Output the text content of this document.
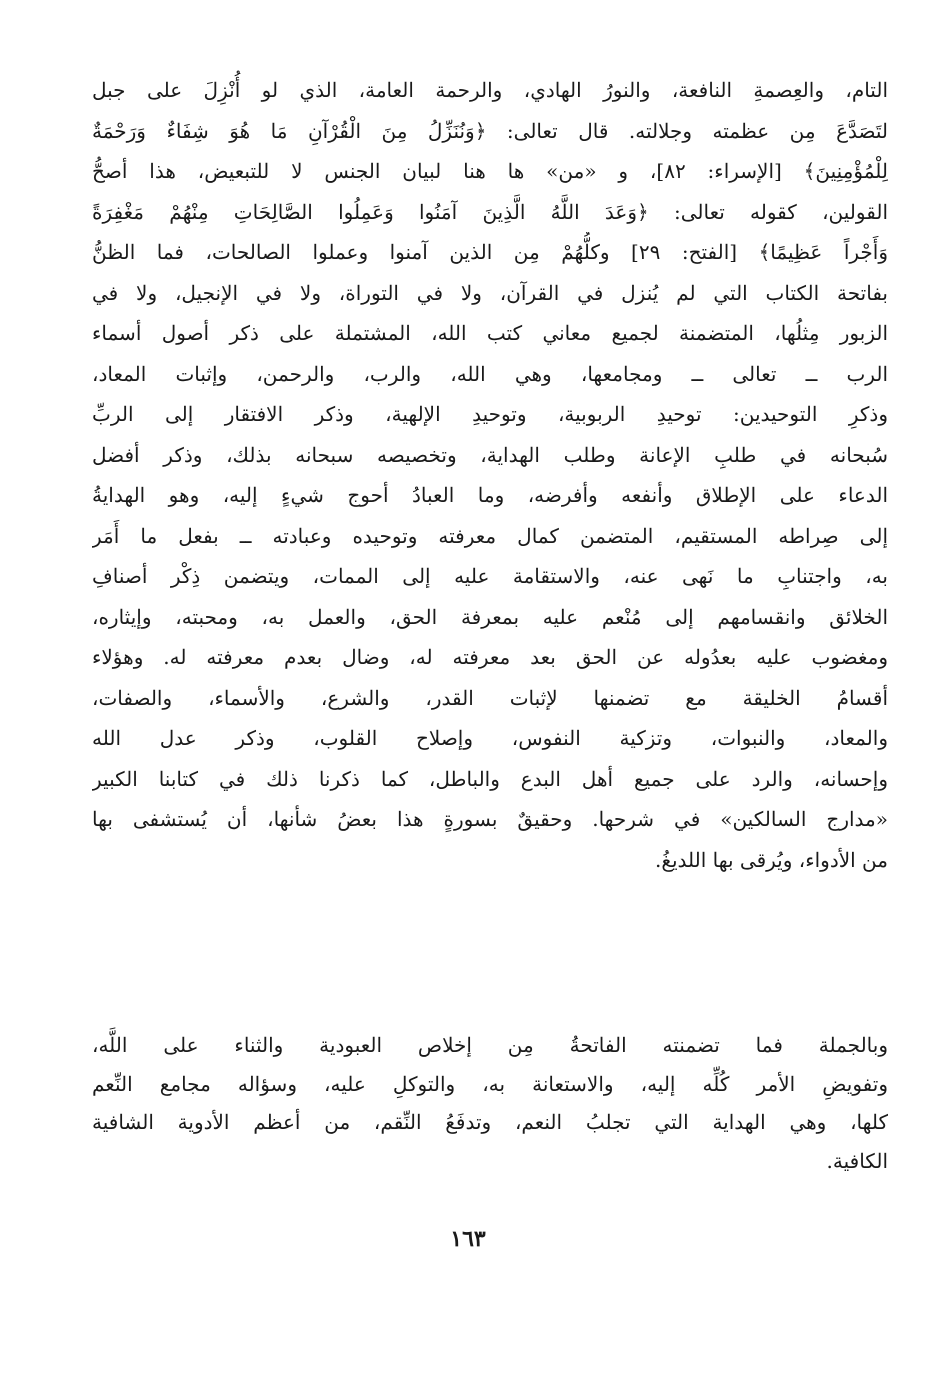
التام، والعِصمةِ النافعة، والنورُ الهادي، والرحمة العامة، الذي لو أُنْزِلَ على جبل
لتَصَدَّعَ مِن عظمته وجلالته. قال تعالى: ﴿وَنُنَزِّلُ مِنَ الْقُرْآنِ مَا هُوَ شِفَاءٌ وَرَحْمَةٌ
لِلْمُؤْمِنِينَ﴾ [الإسراء: ٨٢]، و «من» ها هنا لبيان الجنس لا للتبعيض، هذا أصحُّ
القولين، كقوله تعالى: ﴿وَعَدَ اللَّهُ الَّذِينَ آمَنُوا وَعَمِلُوا الصَّالِحَاتِ مِنْهُمْ مَغْفِرَةً
وَأَجْراً عَظِيمًا﴾ [الفتح: ٢٩] وكلُّهُمْ مِن الذين آمنوا وعملوا الصالحات، فما الظنُّ
بفاتحة الكتاب التي لم يُنزل في القرآن، ولا في التوراة، ولا في الإنجيل، ولا في
الزبور مِثلُها، المتضمنة لجميع معاني كتب الله، المشتملة على ذكر أصول أسماء
الرب ــ تعالى ــ ومجامعها، وهي الله، والرب، والرحمن، وإثبات المعاد،
وذكرِ التوحيدين: توحيدِ الربوبية، وتوحيدِ الإلهية، وذكر الافتقار إلى الربِّ
سُبحانه في طلبِ الإعانة وطلب الهداية، وتخصيصه سبحانه بذلك، وذكر أفضل
الدعاء على الإطلاق وأنفعه وأفرضه، وما العبادُ أحوج شيءٍ إليه، وهو الهدايةُ
إلى صِراطه المستقيم، المتضمن كمال معرفته وتوحيده وعبادته ــ بفعل ما أَمَر
به، واجتنابِ ما نَهى عنه، والاستقامة عليه إلى الممات، ويتضمن ذِكْر أصنافِ
الخلائق وانقسامهم إلى مُنْعم عليه بمعرفة الحق، والعمل به، ومحبته، وإيثاره،
ومغضوب عليه بعدُوله عن الحق بعد معرفته له، وضال بعدم معرفته له. وهؤلاء
أقسامُ الخليقة مع تضمنها لإثبات القدر، والشرع، والأسماء، والصفات،
والمعاد، والنبوات، وتزكية النفوس، وإصلاح القلوب، وذكر عدل الله
وإحسانه، والرد على جميع أهل البدع والباطل، كما ذكرنا ذلك في كتابنا الكبير
«مدارج السالكين» في شرحها. وحقيقٌ بسورةٍ هذا بعضُ شأنها، أن يُستشفى بها
من الأدواء، ويُرقى بها اللديغُ.
وبالجملة فما تضمنته الفاتحةُ مِن إخلاص العبودية والثناء على اللَّه،
وتفويضِ الأمر كُلِّه إليه، والاستعانة به، والتوكلِ عليه، وسؤاله مجامع النِّعم
كلها، وهي الهداية التي تجلبُ النعم، وتدفَعُ النِّقم، من أعظم الأدوية الشافية
الكافية.
١٦٣
